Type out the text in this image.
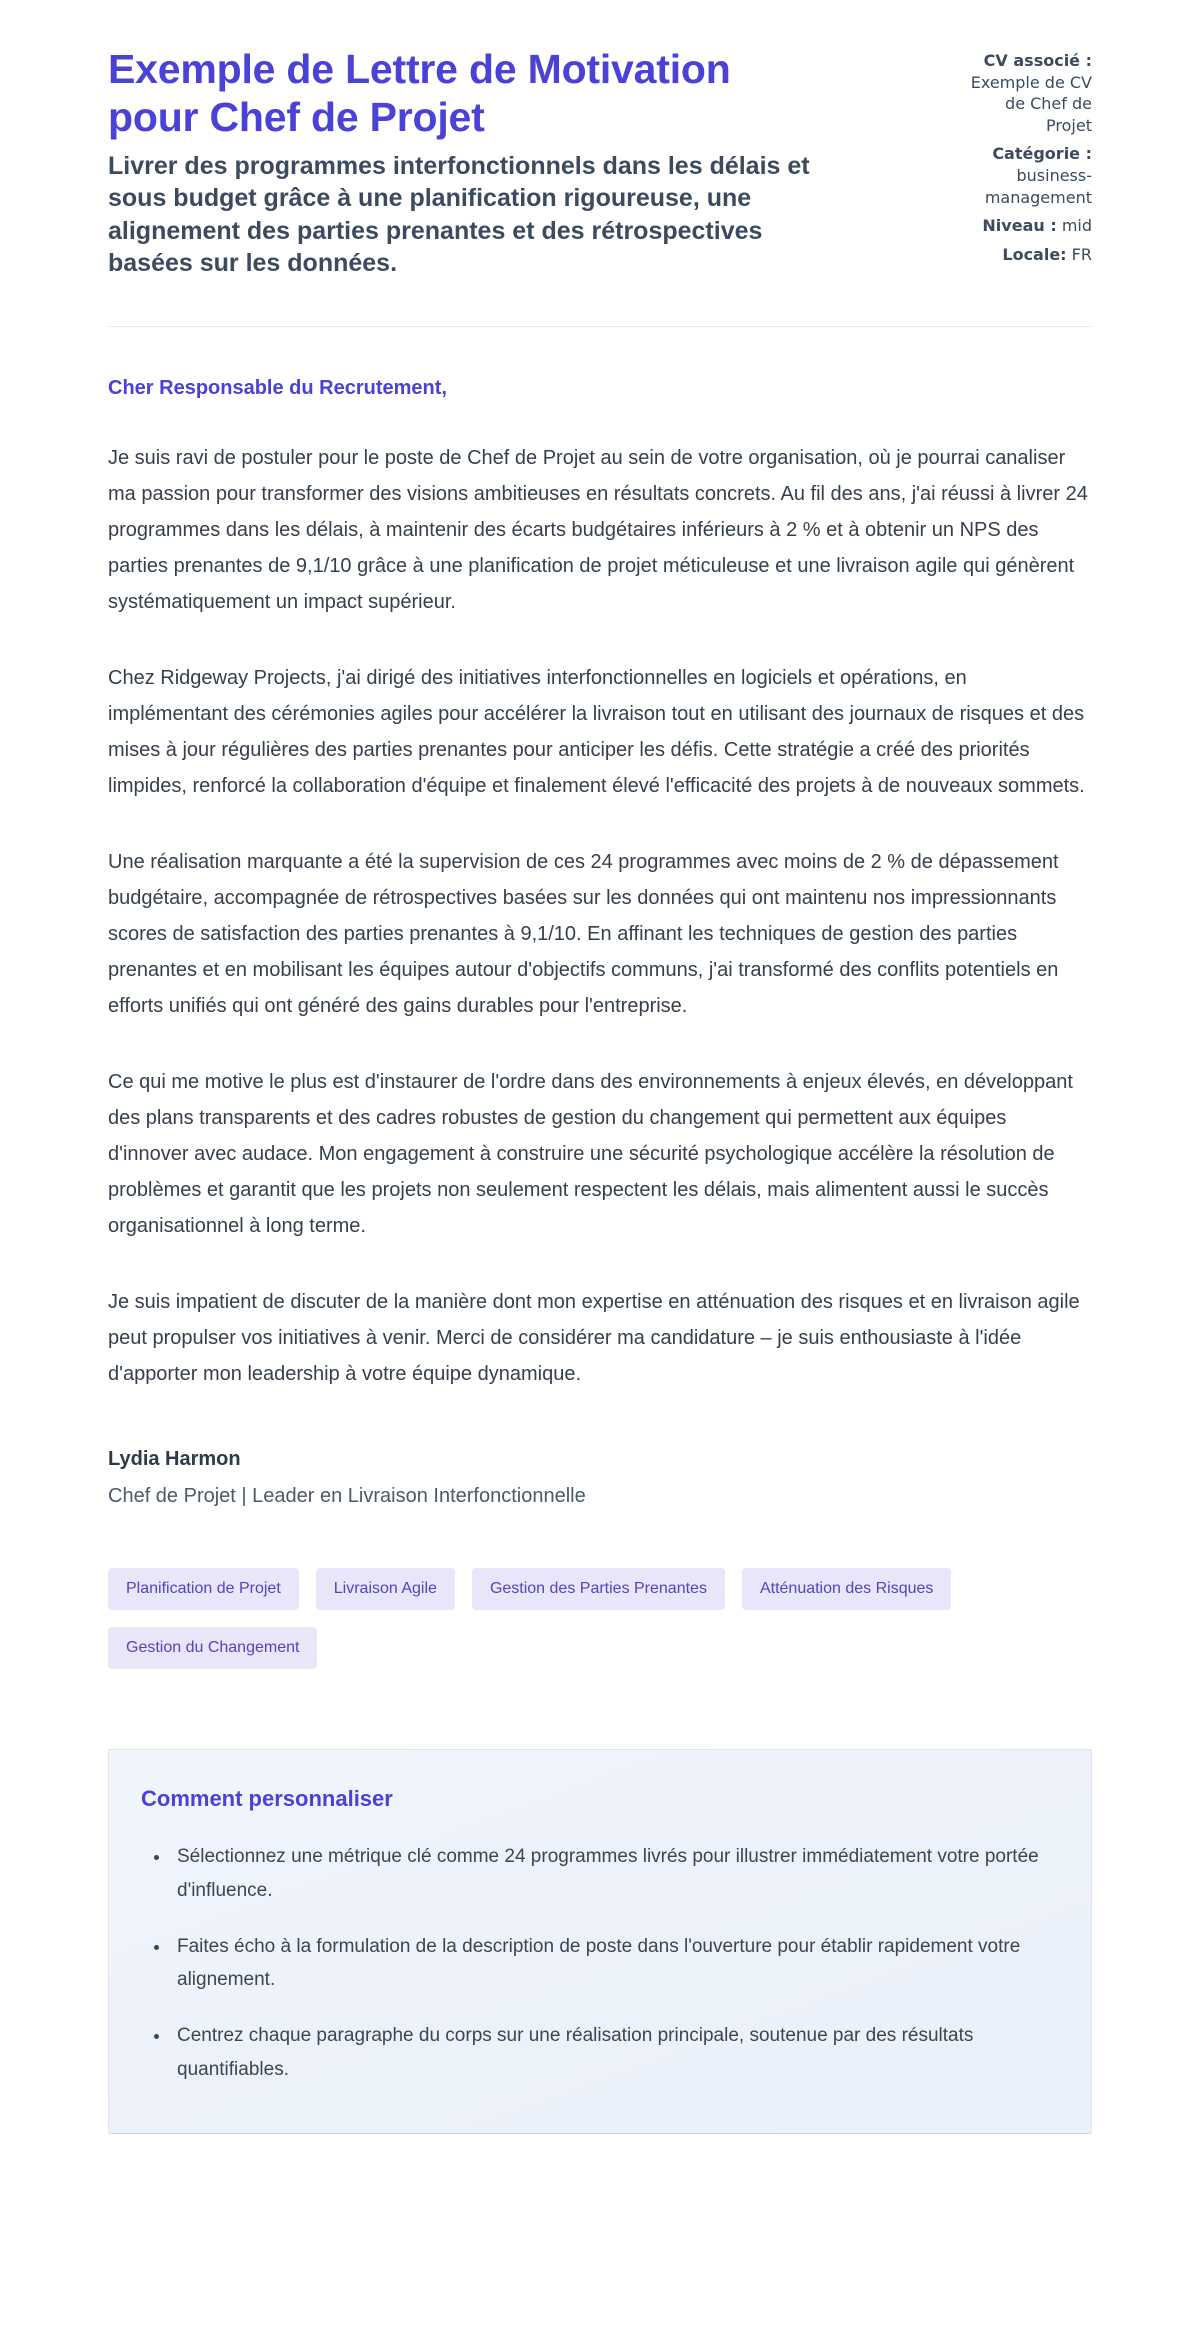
Exemple de Lettre de Motivation pour Chef de Projet
Livrer des programmes interfonctionnels dans les délais et sous budget grâce à une planification rigoureuse, une alignement des parties prenantes et des rétrospectives basées sur les données.
CV associé :
Exemple de CV de Chef de Projet
Catégorie :
business-management
Niveau : mid
Locale: FR
Cher Responsable du Recrutement,

Je suis ravi de postuler pour le poste de Chef de Projet au sein de votre organisation, où je pourrai canaliser ma passion pour transformer des visions ambitieuses en résultats concrets. Au fil des ans, j'ai réussi à livrer 24 programmes dans les délais, à maintenir des écarts budgétaires inférieurs à 2 % et à obtenir un NPS des parties prenantes de 9,1/10 grâce à une planification de projet méticuleuse et une livraison agile qui génèrent systématiquement un impact supérieur.

Chez Ridgeway Projects, j'ai dirigé des initiatives interfonctionnelles en logiciels et opérations, en implémentant des cérémonies agiles pour accélérer la livraison tout en utilisant des journaux de risques et des mises à jour régulières des parties prenantes pour anticiper les défis. Cette stratégie a créé des priorités limpides, renforcé la collaboration d'équipe et finalement élevé l'efficacité des projets à de nouveaux sommets.

Une réalisation marquante a été la supervision de ces 24 programmes avec moins de 2 % de dépassement budgétaire, accompagnée de rétrospectives basées sur les données qui ont maintenu nos impressionnants scores de satisfaction des parties prenantes à 9,1/10. En affinant les techniques de gestion des parties prenantes et en mobilisant les équipes autour d'objectifs communs, j'ai transformé des conflits potentiels en efforts unifiés qui ont généré des gains durables pour l'entreprise.

Ce qui me motive le plus est d'instaurer de l'ordre dans des environnements à enjeux élevés, en développant des plans transparents et des cadres robustes de gestion du changement qui permettent aux équipes d'innover avec audace. Mon engagement à construire une sécurité psychologique accélère la résolution de problèmes et garantit que les projets non seulement respectent les délais, mais alimentent aussi le succès organisationnel à long terme.

Je suis impatient de discuter de la manière dont mon expertise en atténuation des risques et en livraison agile peut propulser vos initiatives à venir. Merci de considérer ma candidature – je suis enthousiaste à l'idée d'apporter mon leadership à votre équipe dynamique.

Lydia Harmon
Chef de Projet | Leader en Livraison Interfonctionnelle
Planification de Projet	Livraison Agile	Gestion des Parties Prenantes	Atténuation des Risques
Gestion du Changement
Comment personnaliser
• Sélectionnez une métrique clé comme 24 programmes livrés pour illustrer immédiatement votre portée d'influence.
• Faites écho à la formulation de la description de poste dans l'ouverture pour établir rapidement votre alignement.
• Centrez chaque paragraphe du corps sur une réalisation principale, soutenue par des résultats quantifiables.
